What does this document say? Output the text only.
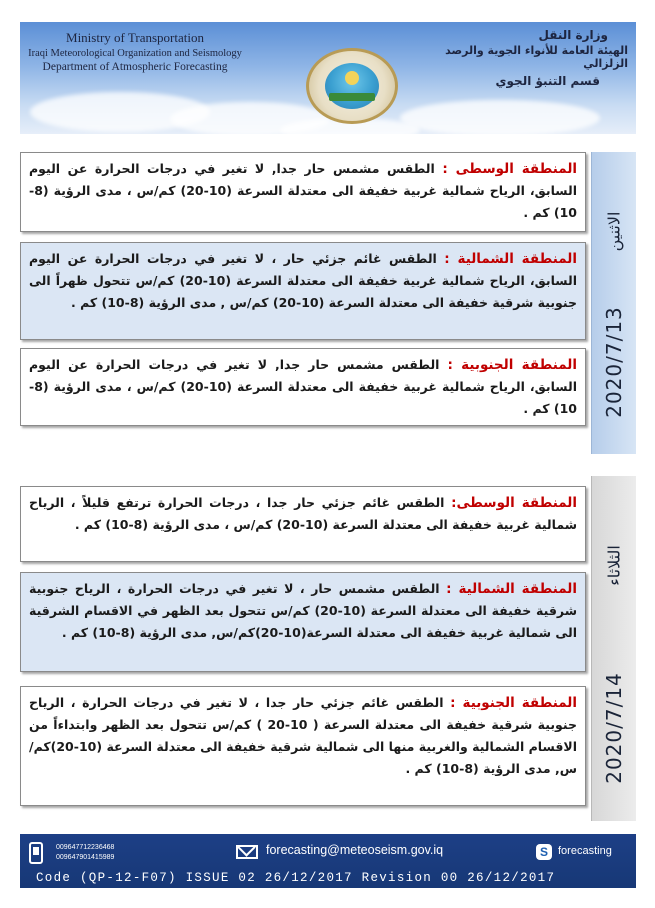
Ministry of Transportation
Iraqi Meteorological Organization and Seismology
Department of Atmospheric Forecasting
وزارة النقل
الهيئة العامة للأنواء الجوية والرصد الزلزالي
قسم التنبؤ الجوي
المنطقة الوسطى : الطقس مشمس حار جدا, لا تغير في درجات الحرارة عن اليوم السابق، الرياح شمالية غربية خفيفة الى معتدلة السرعة (10-20) كم/س ، مدى الرؤية (8-10) كم .
المنطقة الشمالية : الطقس غائم جزئي حار ، لا تغير في درجات الحرارة عن اليوم السابق، الرياح شمالية غربية خفيفة الى معتدلة السرعة (10-20) كم/س تتحول ظهراً الى جنوبية شرقية خفيفة الى معتدلة السرعة (10-20) كم/س , مدى الرؤية (8-10) كم .
المنطقة الجنوبية : الطقس مشمس حار جدا, لا تغير في درجات الحرارة عن اليوم السابق، الرياح شمالية غربية خفيفة الى معتدلة السرعة (10-20) كم/س ، مدى الرؤية (8-10) كم .
الاثنين
2020/7/13
المنطقة الوسطى: الطقس غائم جزئي حار جدا ، درجات الحرارة ترتفع قليلاً ، الرياح شمالية غربية خفيفة الى معتدلة السرعة (10-20) كم/س ، مدى الرؤية (8-10) كم .
المنطقة الشمالية : الطقس مشمس حار ، لا تغير في درجات الحرارة ، الرياح جنوبية شرقية خفيفة الى معتدلة السرعة (10-20) كم/س تتحول بعد الظهر في الاقسام الشرقية الى شمالية غربية خفيفة الى معتدلة السرعة(10-20)كم/س, مدى الرؤية (8-10) كم .
المنطقة الجنوبية : الطقس غائم جزئي حار جدا ، لا تغير في درجات الحرارة ، الرياح جنوبية شرقية خفيفة الى معتدلة السرعة ( 10-20 ) كم/س تتحول بعد الظهر وابتداءاً من الاقسام الشمالية والغربية منها الى شمالية شرقية خفيفة الى معتدلة السرعة (10-20)كم/س, مدى الرؤية (8-10) كم .
الثلاثاء
2020/7/14
009647712236468
009647901415989
forecasting@meteoseism.gov.iq	S forecasting
Code (QP-12-F07) ISSUE 02 26/12/2017 Revision 00 26/12/2017
